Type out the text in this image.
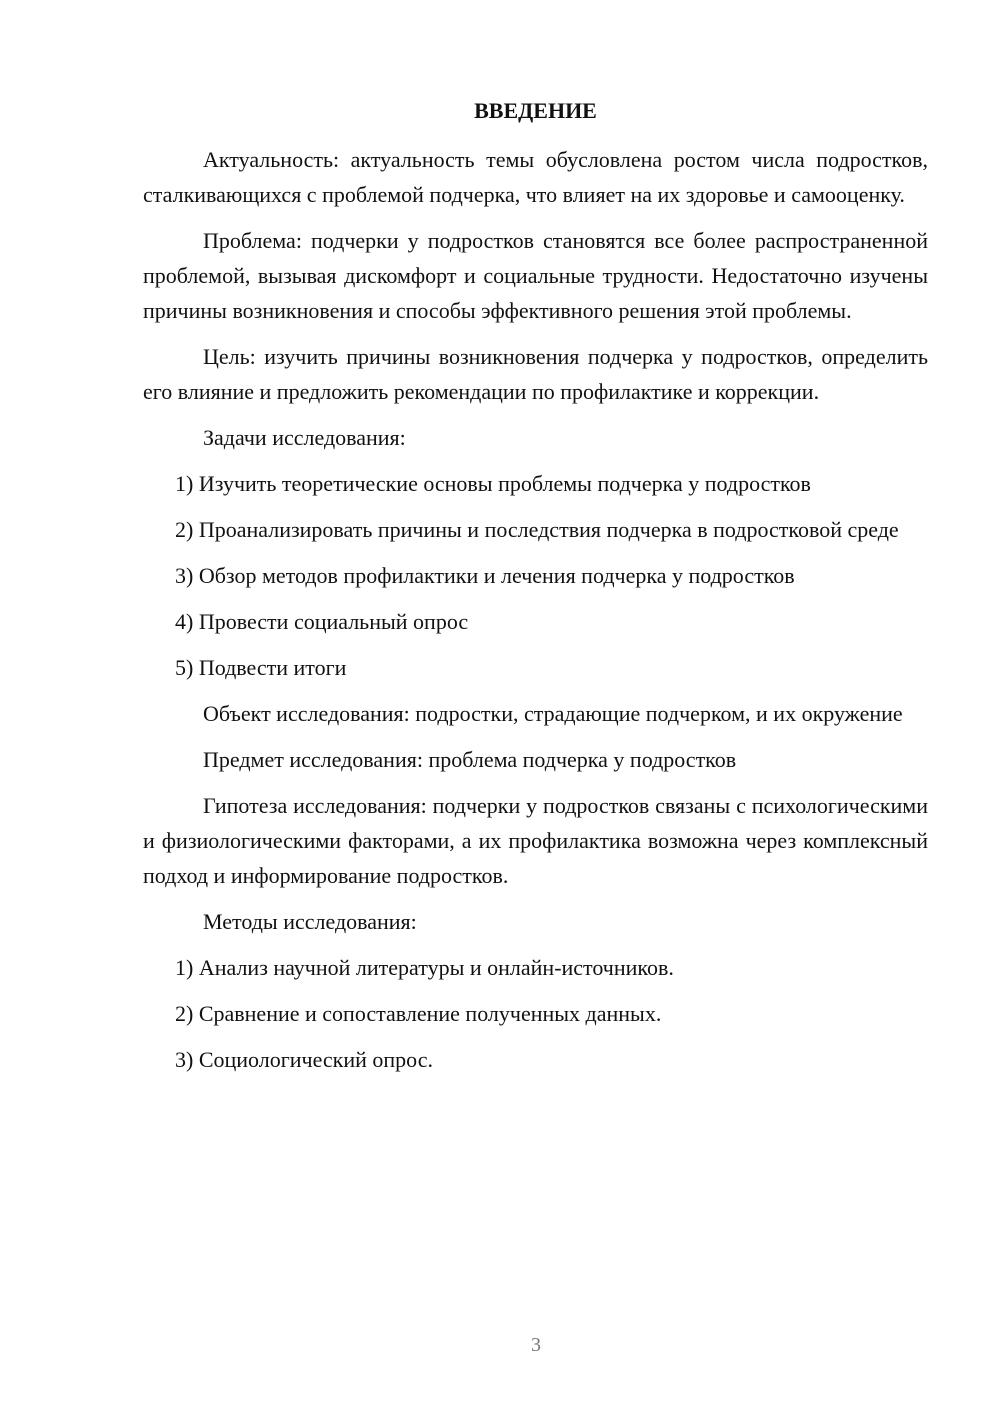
ВВЕДЕНИЕ

Актуальность: актуальность темы обусловлена ростом числа подростков, сталкивающихся с проблемой подчерка, что влияет на их здоровье и самооценку.

Проблема: подчерки у подростков становятся все более распространенной проблемой, вызывая дискомфорт и социальные трудности. Недостаточно изучены причины возникновения и способы эффективного решения этой проблемы.

Цель: изучить причины возникновения подчерка у подростков, определить его влияние и предложить рекомендации по профилактике и коррекции.

Задачи исследования:

1) Изучить теоретические основы проблемы подчерка у подростков

2) Проанализировать причины и последствия подчерка в подростковой среде

3) Обзор методов профилактики и лечения подчерка у подростков

4) Провести социальный опрос

5) Подвести итоги

Объект исследования: подростки, страдающие подчерком, и их окружение

Предмет исследования: проблема подчерка у подростков

Гипотеза исследования: подчерки у подростков связаны с психологическими и физиологическими факторами, а их профилактика возможна через комплексный подход и информирование подростков.

Методы исследования:

1) Анализ научной литературы и онлайн-источников.

2) Сравнение и сопоставление полученных данных.

3) Социологический опрос.

3
